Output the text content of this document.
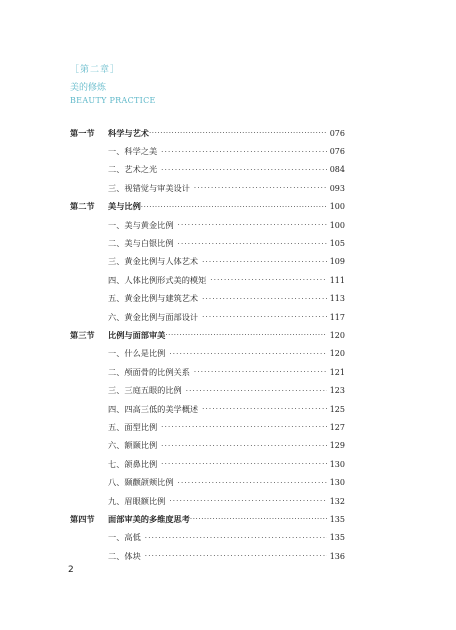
［第二章］
美的修炼
BEAUTY PRACTICE
第一节	科学与艺术 ·····	076
一、科学之美 ·····	076
二、艺术之光 ·····	084
三、视错觉与审美设计 ·····	093
第二节	美与比例 ·····	100
一、美与黄金比例 ·····	100
二、美与白银比例 ·····	105
三、黄金比例与人体艺术 ·····	109
四、人体比例形式美的模矩 ·····	111
五、黄金比例与建筑艺术 ·····	113
六、黄金比例与面部设计 ·····	117
第三节	比例与面部审美 ·····	120
一、什么是比例 ·····	120
二、颅面骨的比例关系 ·····	121
三、三庭五眼的比例 ·····	123
四、四高三低的美学概述 ·····	125
五、面型比例 ·····	127
六、额颞比例 ·····	129
七、颌鼻比例 ·····	130
八、颞颧颌颊比例 ·····	130
九、眉眼额比例 ·····	132
第四节	面部审美的多维度思考 ·····	135
一、高低 ·····	135
二、体块 ·····	136
2
